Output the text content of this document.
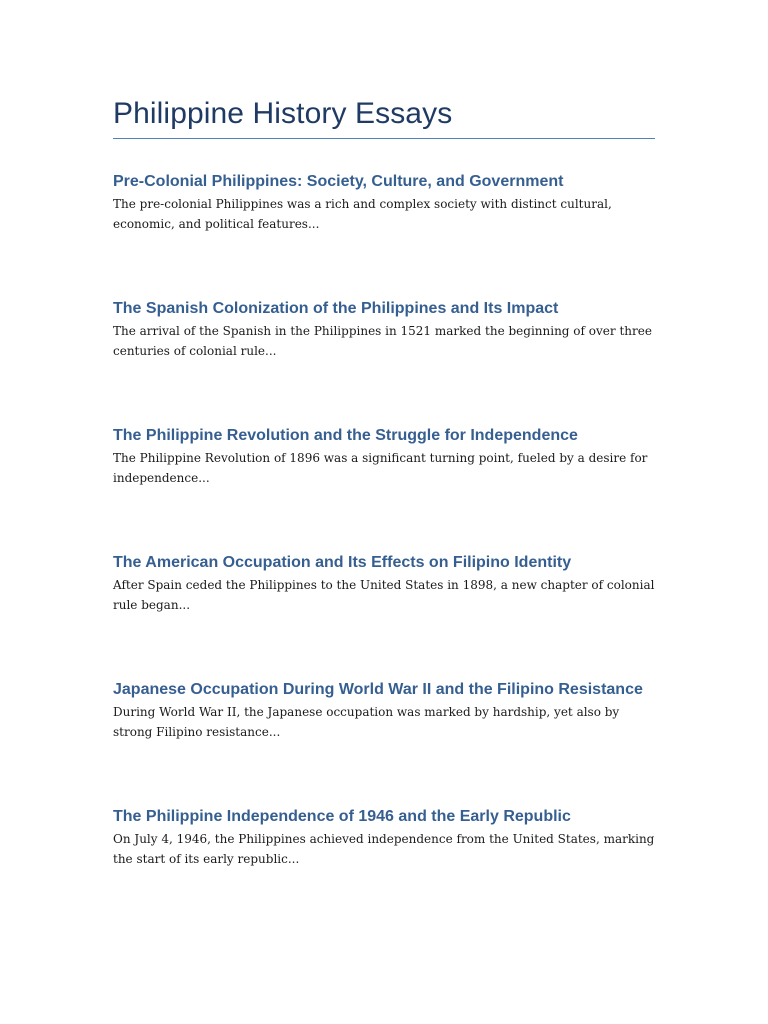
Philippine History Essays
Pre-Colonial Philippines: Society, Culture, and Government

The pre-colonial Philippines was a rich and complex society with distinct cultural, economic, and political features...

The Spanish Colonization of the Philippines and Its Impact

The arrival of the Spanish in the Philippines in 1521 marked the beginning of over three centuries of colonial rule...

The Philippine Revolution and the Struggle for Independence

The Philippine Revolution of 1896 was a significant turning point, fueled by a desire for independence...

The American Occupation and Its Effects on Filipino Identity

After Spain ceded the Philippines to the United States in 1898, a new chapter of colonial rule began...

Japanese Occupation During World War II and the Filipino Resistance

During World War II, the Japanese occupation was marked by hardship, yet also by strong Filipino resistance...

The Philippine Independence of 1946 and the Early Republic

On July 4, 1946, the Philippines achieved independence from the United States, marking the start of its early republic...
